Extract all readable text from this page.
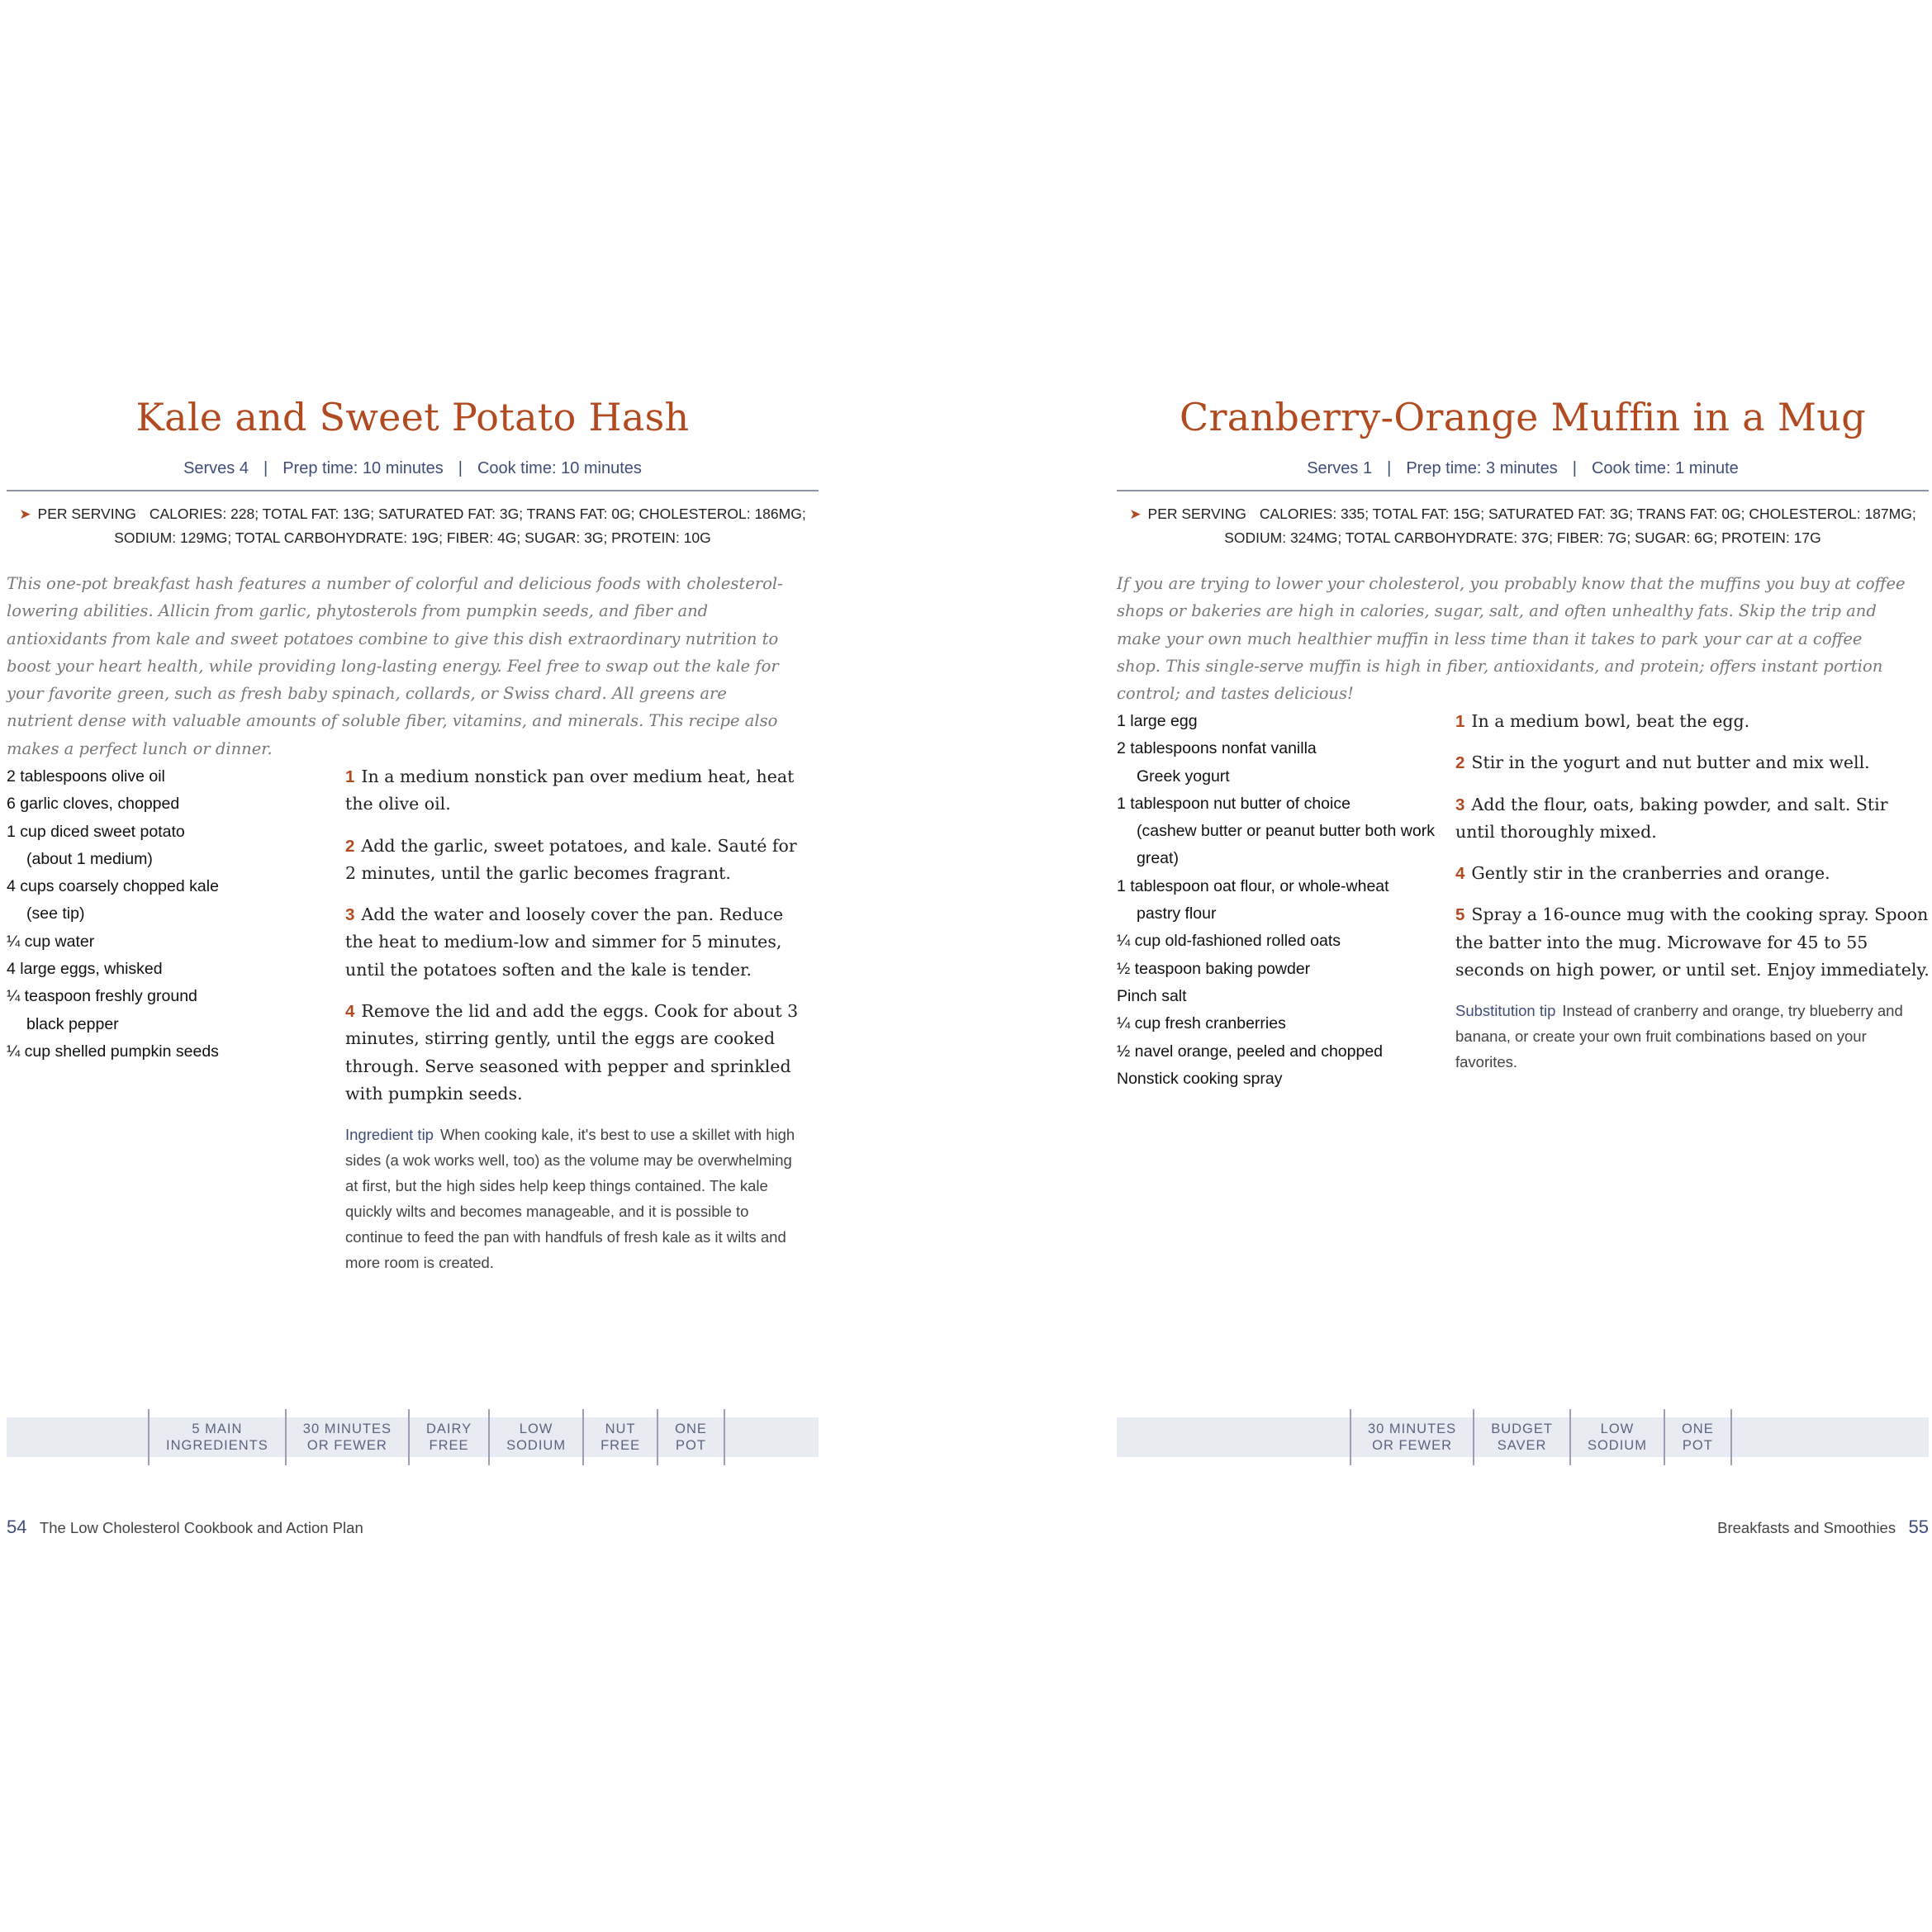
Kale and Sweet Potato Hash
Serves 4 | Prep time: 10 minutes | Cook time: 10 minutes
➤ PER SERVING CALORIES: 228; TOTAL FAT: 13G; SATURATED FAT: 3G; TRANS FAT: 0G; CHOLESTEROL: 186MG;
SODIUM: 129MG; TOTAL CARBOHYDRATE: 19G; FIBER: 4G; SUGAR: 3G; PROTEIN: 10G
This one-pot breakfast hash features a number of colorful and delicious foods with cholesterol-lowering abilities. Allicin from garlic, phytosterols from pumpkin seeds, and fiber and antioxidants from kale and sweet potatoes combine to give this dish extraordinary nutrition to boost your heart health, while providing long-lasting energy. Feel free to swap out the kale for your favorite green, such as fresh baby spinach, collards, or Swiss chard. All greens are nutrient dense with valuable amounts of soluble fiber, vitamins, and minerals. This recipe also makes a perfect lunch or dinner.
2 tablespoons olive oil
6 garlic cloves, chopped
1 cup diced sweet potato
(about 1 medium)
4 cups coarsely chopped kale
(see tip)
¼ cup water
4 large eggs, whisked
¼ teaspoon freshly ground
black pepper
¼ cup shelled pumpkin seeds

1 In a medium nonstick pan over medium heat, heat the olive oil.

2 Add the garlic, sweet potatoes, and kale. Sauté for 2 minutes, until the garlic becomes fragrant.

3 Add the water and loosely cover the pan. Reduce the heat to medium-low and simmer for 5 minutes, until the potatoes soften and the kale is tender.

4 Remove the lid and add the eggs. Cook for about 3 minutes, stirring gently, until the eggs are cooked through. Serve seasoned with pepper and sprinkled with pumpkin seeds.

Ingredient tip When cooking kale, it's best to use a skillet with high sides (a wok works well, too) as the volume may be overwhelming at first, but the high sides help keep things contained. The kale quickly wilts and becomes manageable, and it is possible to continue to feed the pan with handfuls of fresh kale as it wilts and more room is created.
5 MAIN
INGREDIENTS
30 MINUTES
OR FEWER
DAIRY
FREE
LOW
SODIUM
NUT
FREE
ONE
POT
54 The Low Cholesterol Cookbook and Action Plan
Cranberry-Orange Muffin in a Mug
Serves 1 | Prep time: 3 minutes | Cook time: 1 minute
➤ PER SERVING CALORIES: 335; TOTAL FAT: 15G; SATURATED FAT: 3G; TRANS FAT: 0G; CHOLESTEROL: 187MG;
SODIUM: 324MG; TOTAL CARBOHYDRATE: 37G; FIBER: 7G; SUGAR: 6G; PROTEIN: 17G
If you are trying to lower your cholesterol, you probably know that the muffins you buy at coffee shops or bakeries are high in calories, sugar, salt, and often unhealthy fats. Skip the trip and make your own much healthier muffin in less time than it takes to park your car at a coffee shop. This single-serve muffin is high in fiber, antioxidants, and protein; offers instant portion control; and tastes delicious!
1 large egg
2 tablespoons nonfat vanilla
Greek yogurt
1 tablespoon nut butter of choice
(cashew butter or peanut butter both work great)
1 tablespoon oat flour, or whole-wheat
pastry flour
¼ cup old-fashioned rolled oats
½ teaspoon baking powder
Pinch salt
¼ cup fresh cranberries
½ navel orange, peeled and chopped
Nonstick cooking spray

1 In a medium bowl, beat the egg.

2 Stir in the yogurt and nut butter and mix well.

3 Add the flour, oats, baking powder, and salt. Stir until thoroughly mixed.

4 Gently stir in the cranberries and orange.

5 Spray a 16-ounce mug with the cooking spray. Spoon the batter into the mug. Microwave for 45 to 55 seconds on high power, or until set. Enjoy immediately.

Substitution tip Instead of cranberry and orange, try blueberry and banana, or create your own fruit combinations based on your favorites.
30 MINUTES
OR FEWER
BUDGET
SAVER
LOW
SODIUM
ONE
POT
Breakfasts and Smoothies 55
